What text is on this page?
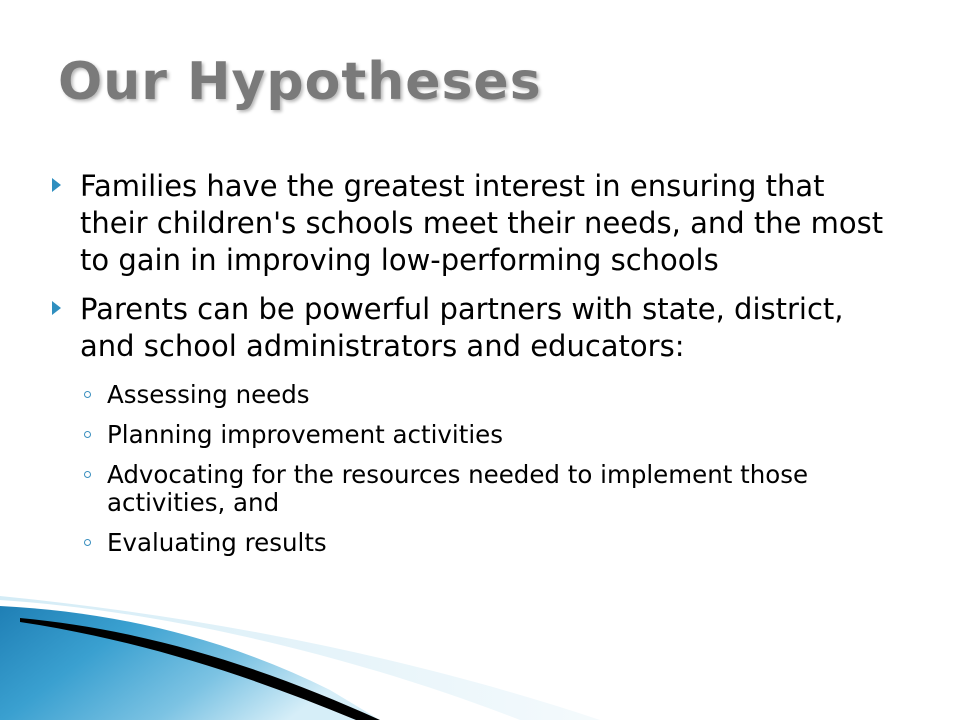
Our Hypotheses
Families have the greatest interest in ensuring that their children's schools meet their needs, and the most to gain in improving low-performing schools
Parents can be powerful partners with state, district, and school administrators and educators:
Assessing needs
Planning improvement activities
Advocating for the resources needed to implement those activities, and
Evaluating results
